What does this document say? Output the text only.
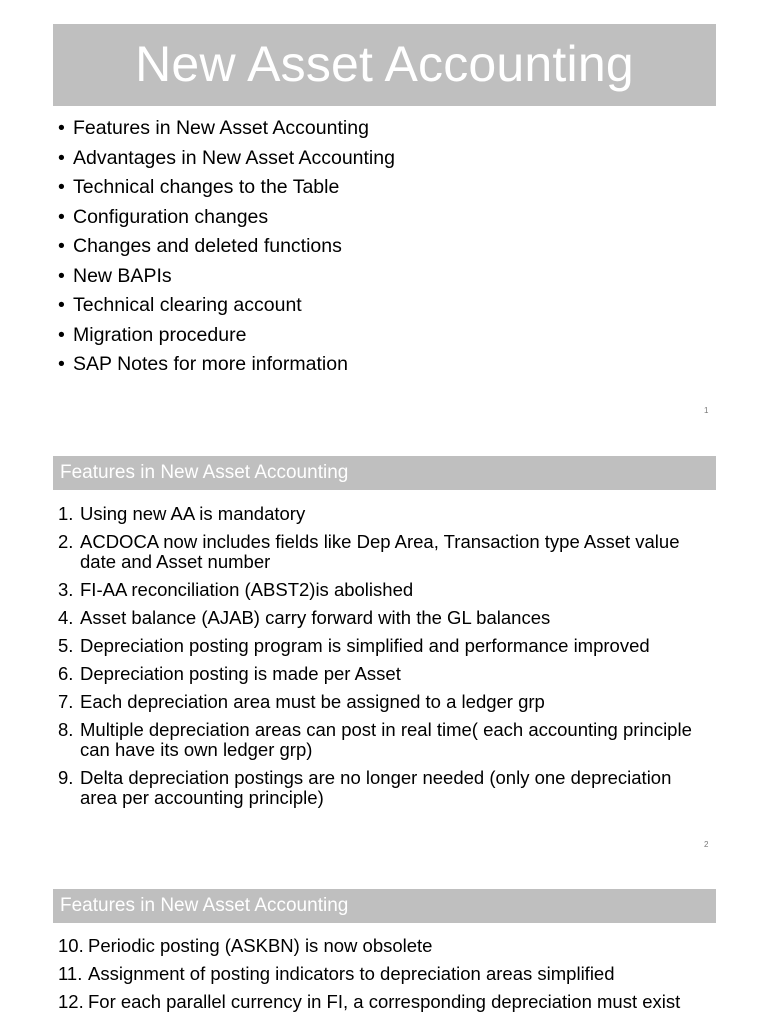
New Asset Accounting
• Features in New Asset Accounting
• Advantages in New Asset Accounting
• Technical changes to the Table
• Configuration changes
• Changes and deleted functions
• New BAPIs
• Technical clearing account
• Migration procedure
• SAP Notes for more information
1
Features in New Asset Accounting
1. Using new AA is mandatory
2. ACDOCA now includes fields like Dep Area, Transaction type Asset value date and Asset number
3. FI-AA reconciliation (ABST2)is abolished
4. Asset balance (AJAB) carry forward with the GL balances
5. Depreciation posting program is simplified and performance improved
6. Depreciation posting is made per Asset
7. Each depreciation area must be assigned to a ledger grp
8. Multiple depreciation areas can post in real time( each accounting principle can have its own ledger grp)
9. Delta depreciation postings are no longer needed (only one depreciation area per accounting principle)
2
Features in New Asset Accounting
10. Periodic posting (ASKBN) is now obsolete
11. Assignment of posting indicators to depreciation areas simplified
12. For each parallel currency in FI, a corresponding depreciation must exist
